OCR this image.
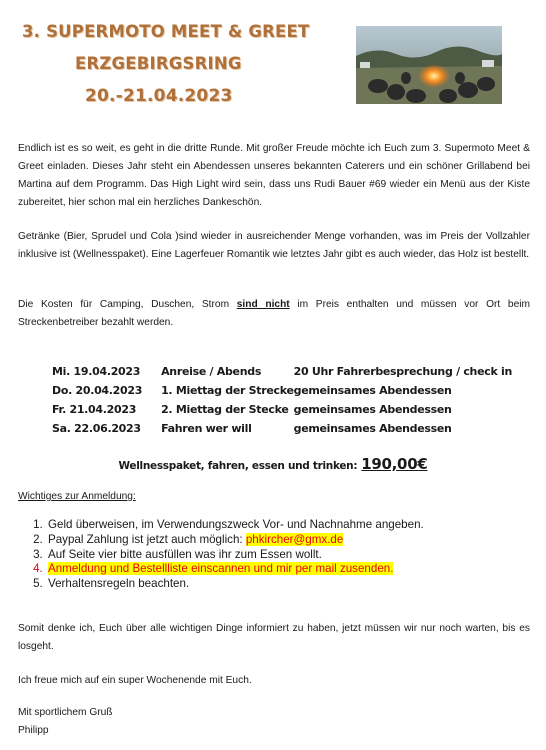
3. SUPERMOTO MEET & GREET
ERZGEBIRGSRING
20.-21.04.2023

Endlich ist es so weit, es geht in die dritte Runde. Mit großer Freude möchte ich Euch zum 3. Supermoto Meet & Greet einladen. Dieses Jahr steht ein Abendessen unseres bekannten Caterers und ein schöner Grillabend bei Martina auf dem Programm. Das High Light wird sein, dass uns Rudi Bauer #69 wieder ein Menü aus der Kiste zubereitet, hier schon mal ein herzliches Dankeschön.

Getränke (Bier, Sprudel und Cola )sind wieder in ausreichender Menge vorhanden, was im Preis der Vollzahler inklusive ist (Wellnesspaket). Eine Lagerfeuer Romantik wie letztes Jahr gibt es auch wieder, das Holz ist bestellt.

Die Kosten für Camping, Duschen, Strom sind nicht im Preis enthalten und müssen vor Ort beim Streckenbetreiber bezahlt werden.

Mi. 19.04.2023	Anreise / Abends	20 Uhr Fahrerbesprechung / check in
Do. 20.04.2023	1. Miettag der Strecke	gemeinsames Abendessen
Fr. 21.04.2023	2. Miettag der Stecke	gemeinsames Abendessen
Sa. 22.06.2023	Fahren wer will	gemeinsames Abendessen
Wellnesspaket, fahren, essen und trinken: 190,00€
Wichtiges zur Anmeldung:
1. Geld überweisen, im Verwendungszweck Vor- und Nachnahme angeben.
2. Paypal Zahlung ist jetzt auch möglich: phkircher@gmx.de
3. Auf Seite vier bitte ausfüllen was ihr zum Essen wollt.
4. Anmeldung und Bestellliste einscannen und mir per mail zusenden.
5. Verhaltensregeln beachten.

Somit denke ich, Euch über alle wichtigen Dinge informiert zu haben, jetzt müssen wir nur noch warten, bis es losgeht.

Ich freue mich auf ein super Wochenende mit Euch.

Mit sportlichem Gruß

Philipp
